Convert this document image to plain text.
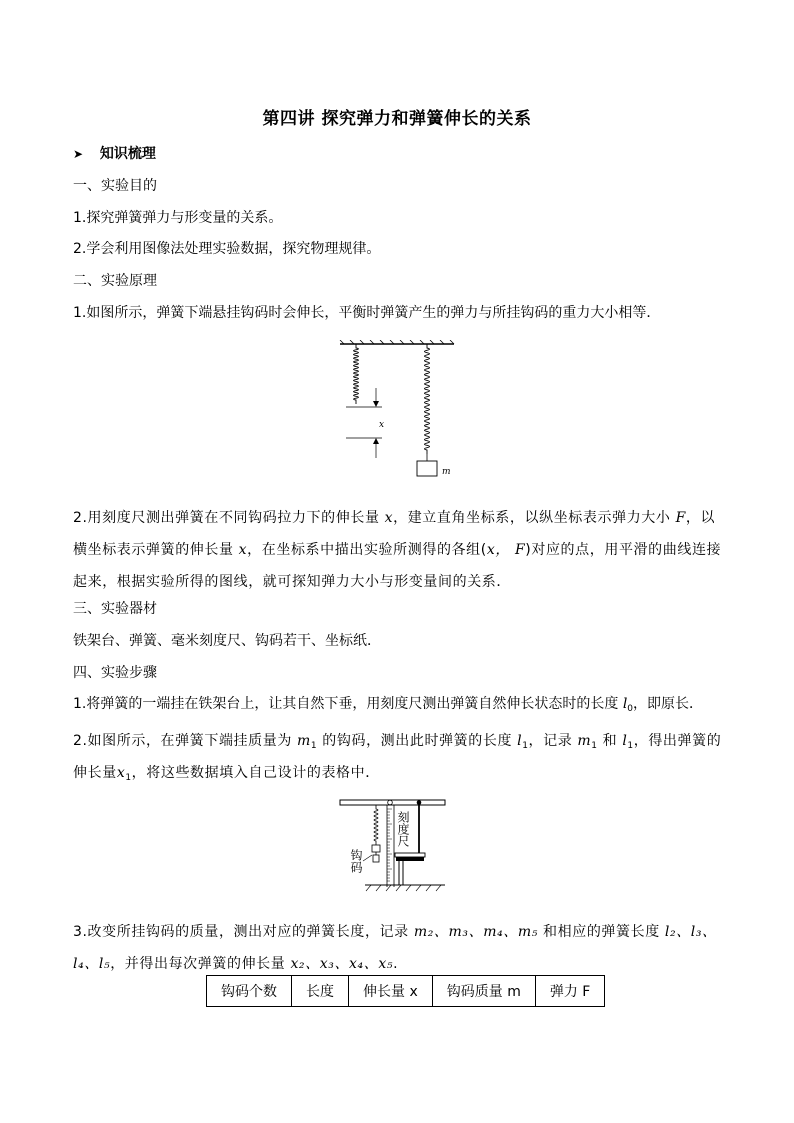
第四讲 探究弹力和弹簧伸长的关系
➤ 知识梳理
一、实验目的
1.探究弹簧弹力与形变量的关系。
2.学会利用图像法处理实验数据，探究物理规律。
二、实验原理
1.如图所示，弹簧下端悬挂钩码时会伸长，平衡时弹簧产生的弹力与所挂钩码的重力大小相等．
x
m
2.用刻度尺测出弹簧在不同钩码拉力下的伸长量 x，建立直角坐标系，以纵坐标表示弹力大小 F，以横坐标表示弹簧的伸长量 x，在坐标系中描出实验所测得的各组(x， F)对应的点，用平滑的曲线连接起来，根据实验所得的图线，就可探知弹力大小与形变量间的关系．
三、实验器材
铁架台、弹簧、毫米刻度尺、钩码若干、坐标纸．
四、实验步骤
1.将弹簧的一端挂在铁架台上，让其自然下垂，用刻度尺测出弹簧自然伸长状态时的长度 $l_0$，即原长．
2.如图所示，在弹簧下端挂质量为 $m_1$ 的钩码，测出此时弹簧的长度 $l_1$，记录 $m_1$ 和 $l_1$，得出弹簧的伸长量$x_1$，将这些数据填入自己设计的表格中．
刻度尺
钩码
3.改变所挂钩码的质量，测出对应的弹簧长度，记录 m₂、m₃、m₄、m₅ 和相应的弹簧长度 l₂、l₃、l₄、l₅，并得出每次弹簧的伸长量 x₂、x₃、x₄、x₅.
钩码个数	长度	伸长量 x	钩码质量 m	弹力 F
